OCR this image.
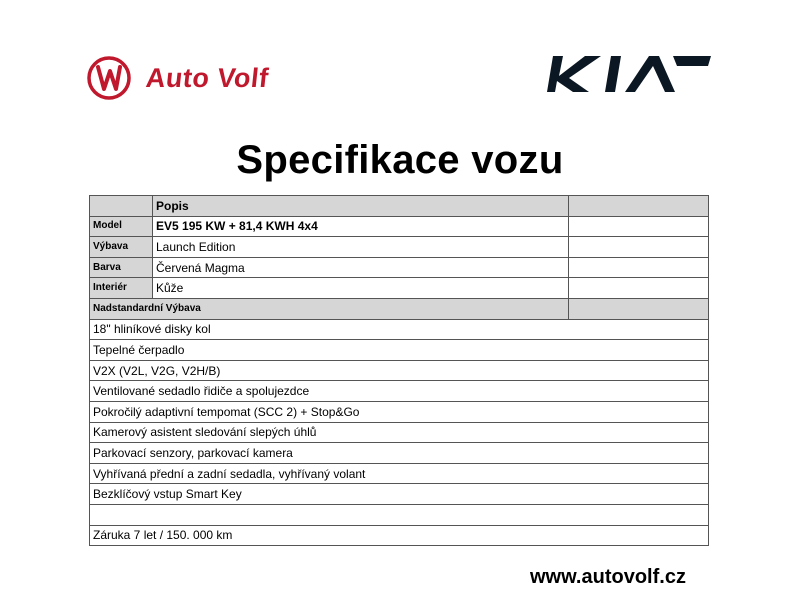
Auto Volf
Specifikace vozu
	Popis	
Model	EV5 195 KW + 81,4 KWH 4x4	
Výbava	Launch Edition	
Barva	Červená Magma	
Interiér	Kůže	
Nadstandardní Výbava		
18" hliníkové disky kol		
Tepelné čerpadlo		
V2X (V2L, V2G, V2H/B)		
Ventilované sedadlo řidiče a spolujezdce		
Pokročilý adaptivní tempomat (SCC 2) + Stop&Go		
Kamerový asistent sledování slepých úhlů		
Parkovací senzory, parkovací kamera		
Vyhřívaná přední a zadní sedadla, vyhřívaný volant		
Bezklíčový vstup Smart Key		

Záruka 7 let / 150. 000 km		
www.autovolf.cz
